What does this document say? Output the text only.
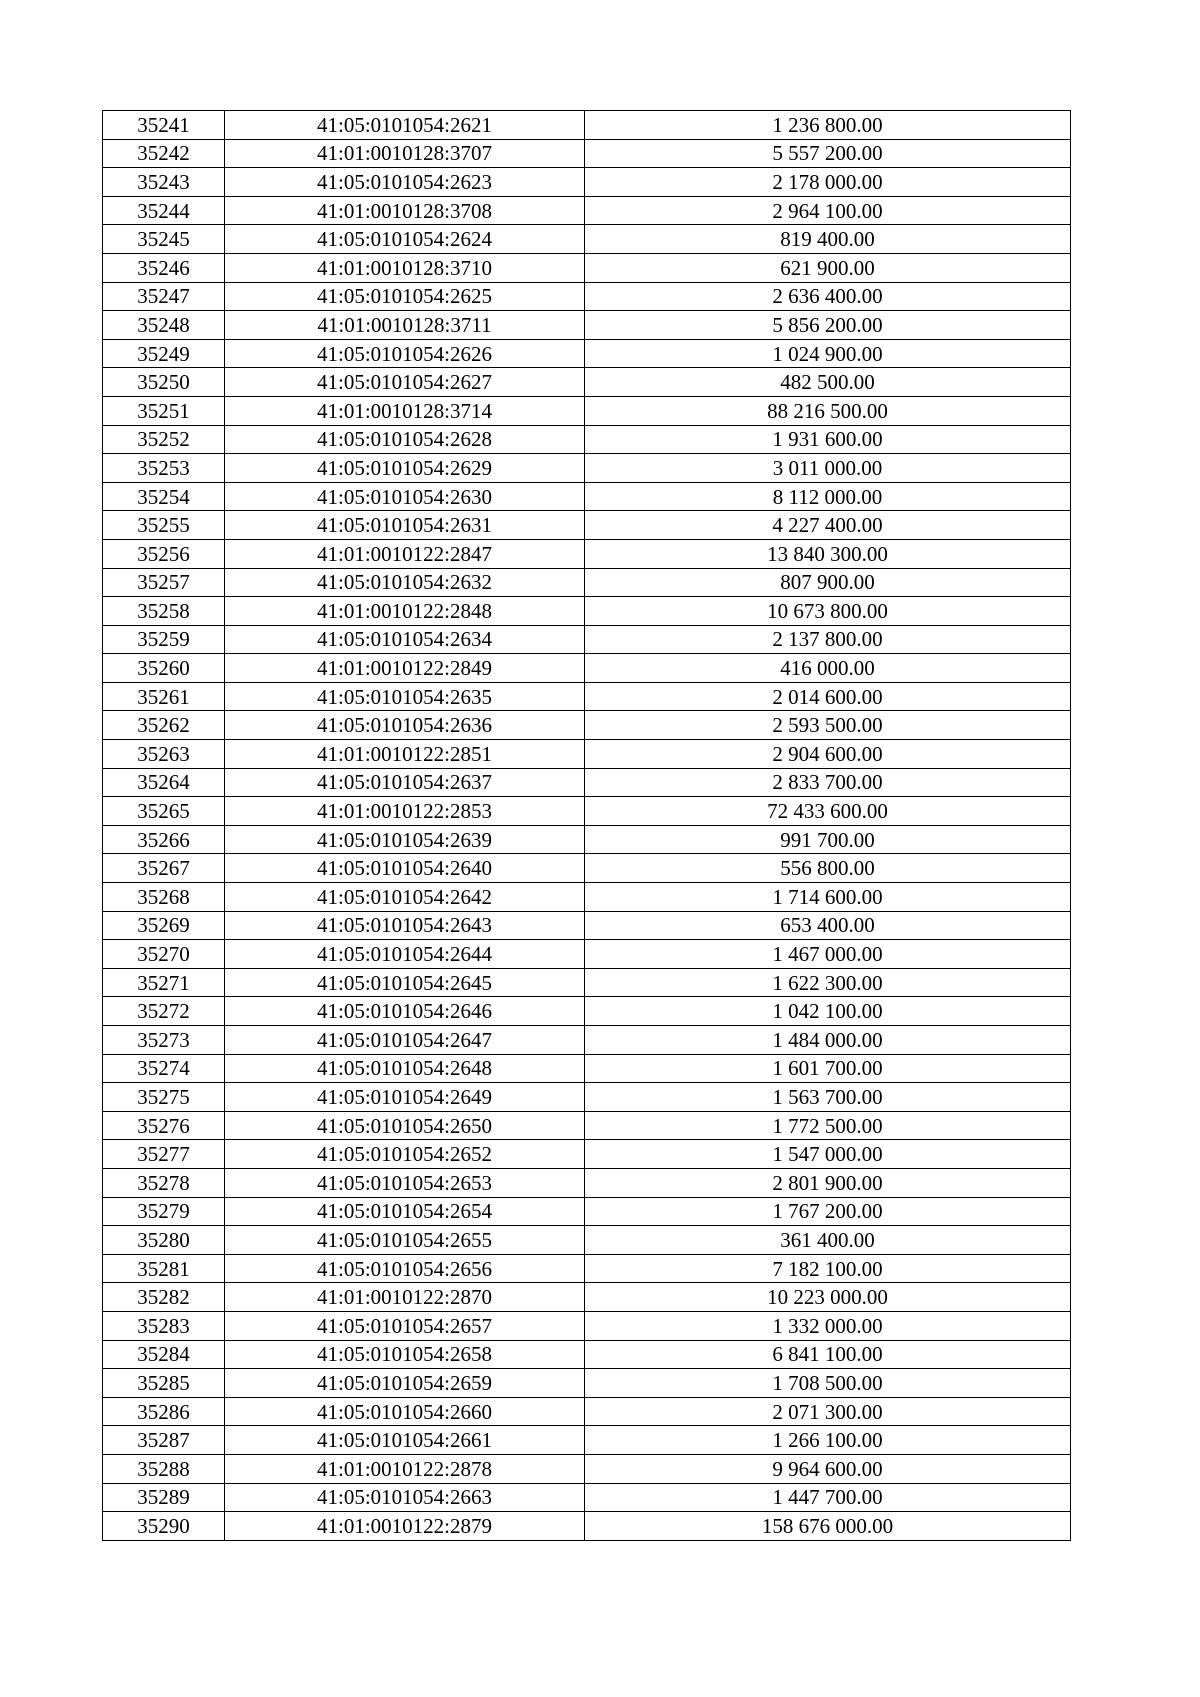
35241	41:05:0101054:2621	1 236 800.00
35242	41:01:0010128:3707	5 557 200.00
35243	41:05:0101054:2623	2 178 000.00
35244	41:01:0010128:3708	2 964 100.00
35245	41:05:0101054:2624	819 400.00
35246	41:01:0010128:3710	621 900.00
35247	41:05:0101054:2625	2 636 400.00
35248	41:01:0010128:3711	5 856 200.00
35249	41:05:0101054:2626	1 024 900.00
35250	41:05:0101054:2627	482 500.00
35251	41:01:0010128:3714	88 216 500.00
35252	41:05:0101054:2628	1 931 600.00
35253	41:05:0101054:2629	3 011 000.00
35254	41:05:0101054:2630	8 112 000.00
35255	41:05:0101054:2631	4 227 400.00
35256	41:01:0010122:2847	13 840 300.00
35257	41:05:0101054:2632	807 900.00
35258	41:01:0010122:2848	10 673 800.00
35259	41:05:0101054:2634	2 137 800.00
35260	41:01:0010122:2849	416 000.00
35261	41:05:0101054:2635	2 014 600.00
35262	41:05:0101054:2636	2 593 500.00
35263	41:01:0010122:2851	2 904 600.00
35264	41:05:0101054:2637	2 833 700.00
35265	41:01:0010122:2853	72 433 600.00
35266	41:05:0101054:2639	991 700.00
35267	41:05:0101054:2640	556 800.00
35268	41:05:0101054:2642	1 714 600.00
35269	41:05:0101054:2643	653 400.00
35270	41:05:0101054:2644	1 467 000.00
35271	41:05:0101054:2645	1 622 300.00
35272	41:05:0101054:2646	1 042 100.00
35273	41:05:0101054:2647	1 484 000.00
35274	41:05:0101054:2648	1 601 700.00
35275	41:05:0101054:2649	1 563 700.00
35276	41:05:0101054:2650	1 772 500.00
35277	41:05:0101054:2652	1 547 000.00
35278	41:05:0101054:2653	2 801 900.00
35279	41:05:0101054:2654	1 767 200.00
35280	41:05:0101054:2655	361 400.00
35281	41:05:0101054:2656	7 182 100.00
35282	41:01:0010122:2870	10 223 000.00
35283	41:05:0101054:2657	1 332 000.00
35284	41:05:0101054:2658	6 841 100.00
35285	41:05:0101054:2659	1 708 500.00
35286	41:05:0101054:2660	2 071 300.00
35287	41:05:0101054:2661	1 266 100.00
35288	41:01:0010122:2878	9 964 600.00
35289	41:05:0101054:2663	1 447 700.00
35290	41:01:0010122:2879	158 676 000.00
